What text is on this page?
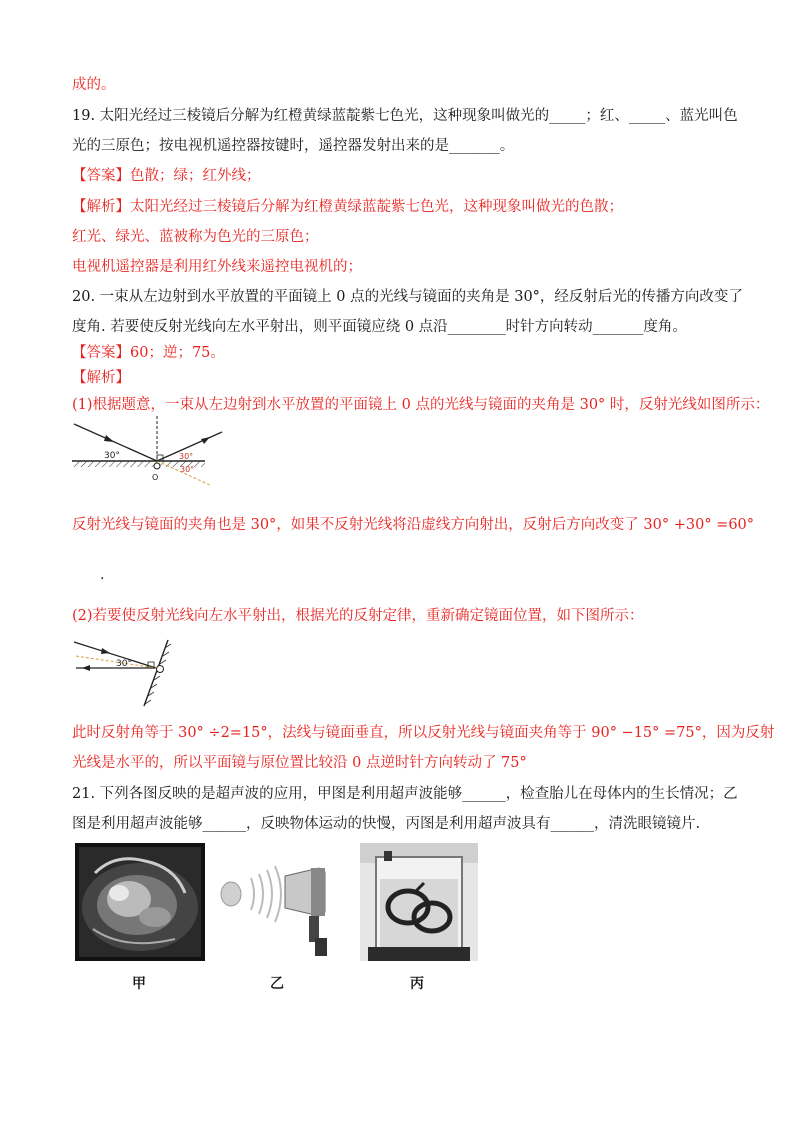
成的。
19. 太阳光经过三棱镜后分解为红橙黄绿蓝靛紫七色光，这种现象叫做光的_____；红、_____、蓝光叫色
光的三原色；按电视机遥控器按键时，遥控器发射出来的是_______。
【答案】色散；绿；红外线；
【解析】太阳光经过三棱镜后分解为红橙黄绿蓝靛紫七色光，这种现象叫做光的色散；
红光、绿光、蓝被称为色光的三原色；
电视机遥控器是利用红外线来遥控电视机的；
20. 一束从左边射到水平放置的平面镜上 0 点的光线与镜面的夹角是 30°，经反射后光的传播方向改变了
度角. 若要使反射光线向左水平射出，则平面镜应绕 0 点沿________时针方向转动_______度角。
【答案】60；逆；75。
【解析】
(1)根据题意，一束从左边射到水平放置的平面镜上 0 点的光线与镜面的夹角是 30° 时，反射光线如图所示：
30°	30°
30°
O
反射光线与镜面的夹角也是 30°，如果不反射光线将沿虚线方向射出，反射后方向改变了 30° +30° =60°
.
(2)若要使反射光线向左水平射出，根据光的反射定律，重新确定镜面位置，如下图所示：
30°
此时反射角等于 30° ÷2=15°，法线与镜面垂直，所以反射光线与镜面夹角等于 90° −15° =75°，因为反射
光线是水平的，所以平面镜与原位置比较沿 0 点逆时针方向转动了 75°
21. 下列各图反映的是超声波的应用，甲图是利用超声波能够______，检查胎儿在母体内的生长情况；乙
图是利用超声波能够______，反映物体运动的快慢，丙图是利用超声波具有______，清洗眼镜镜片.
甲	乙	丙
